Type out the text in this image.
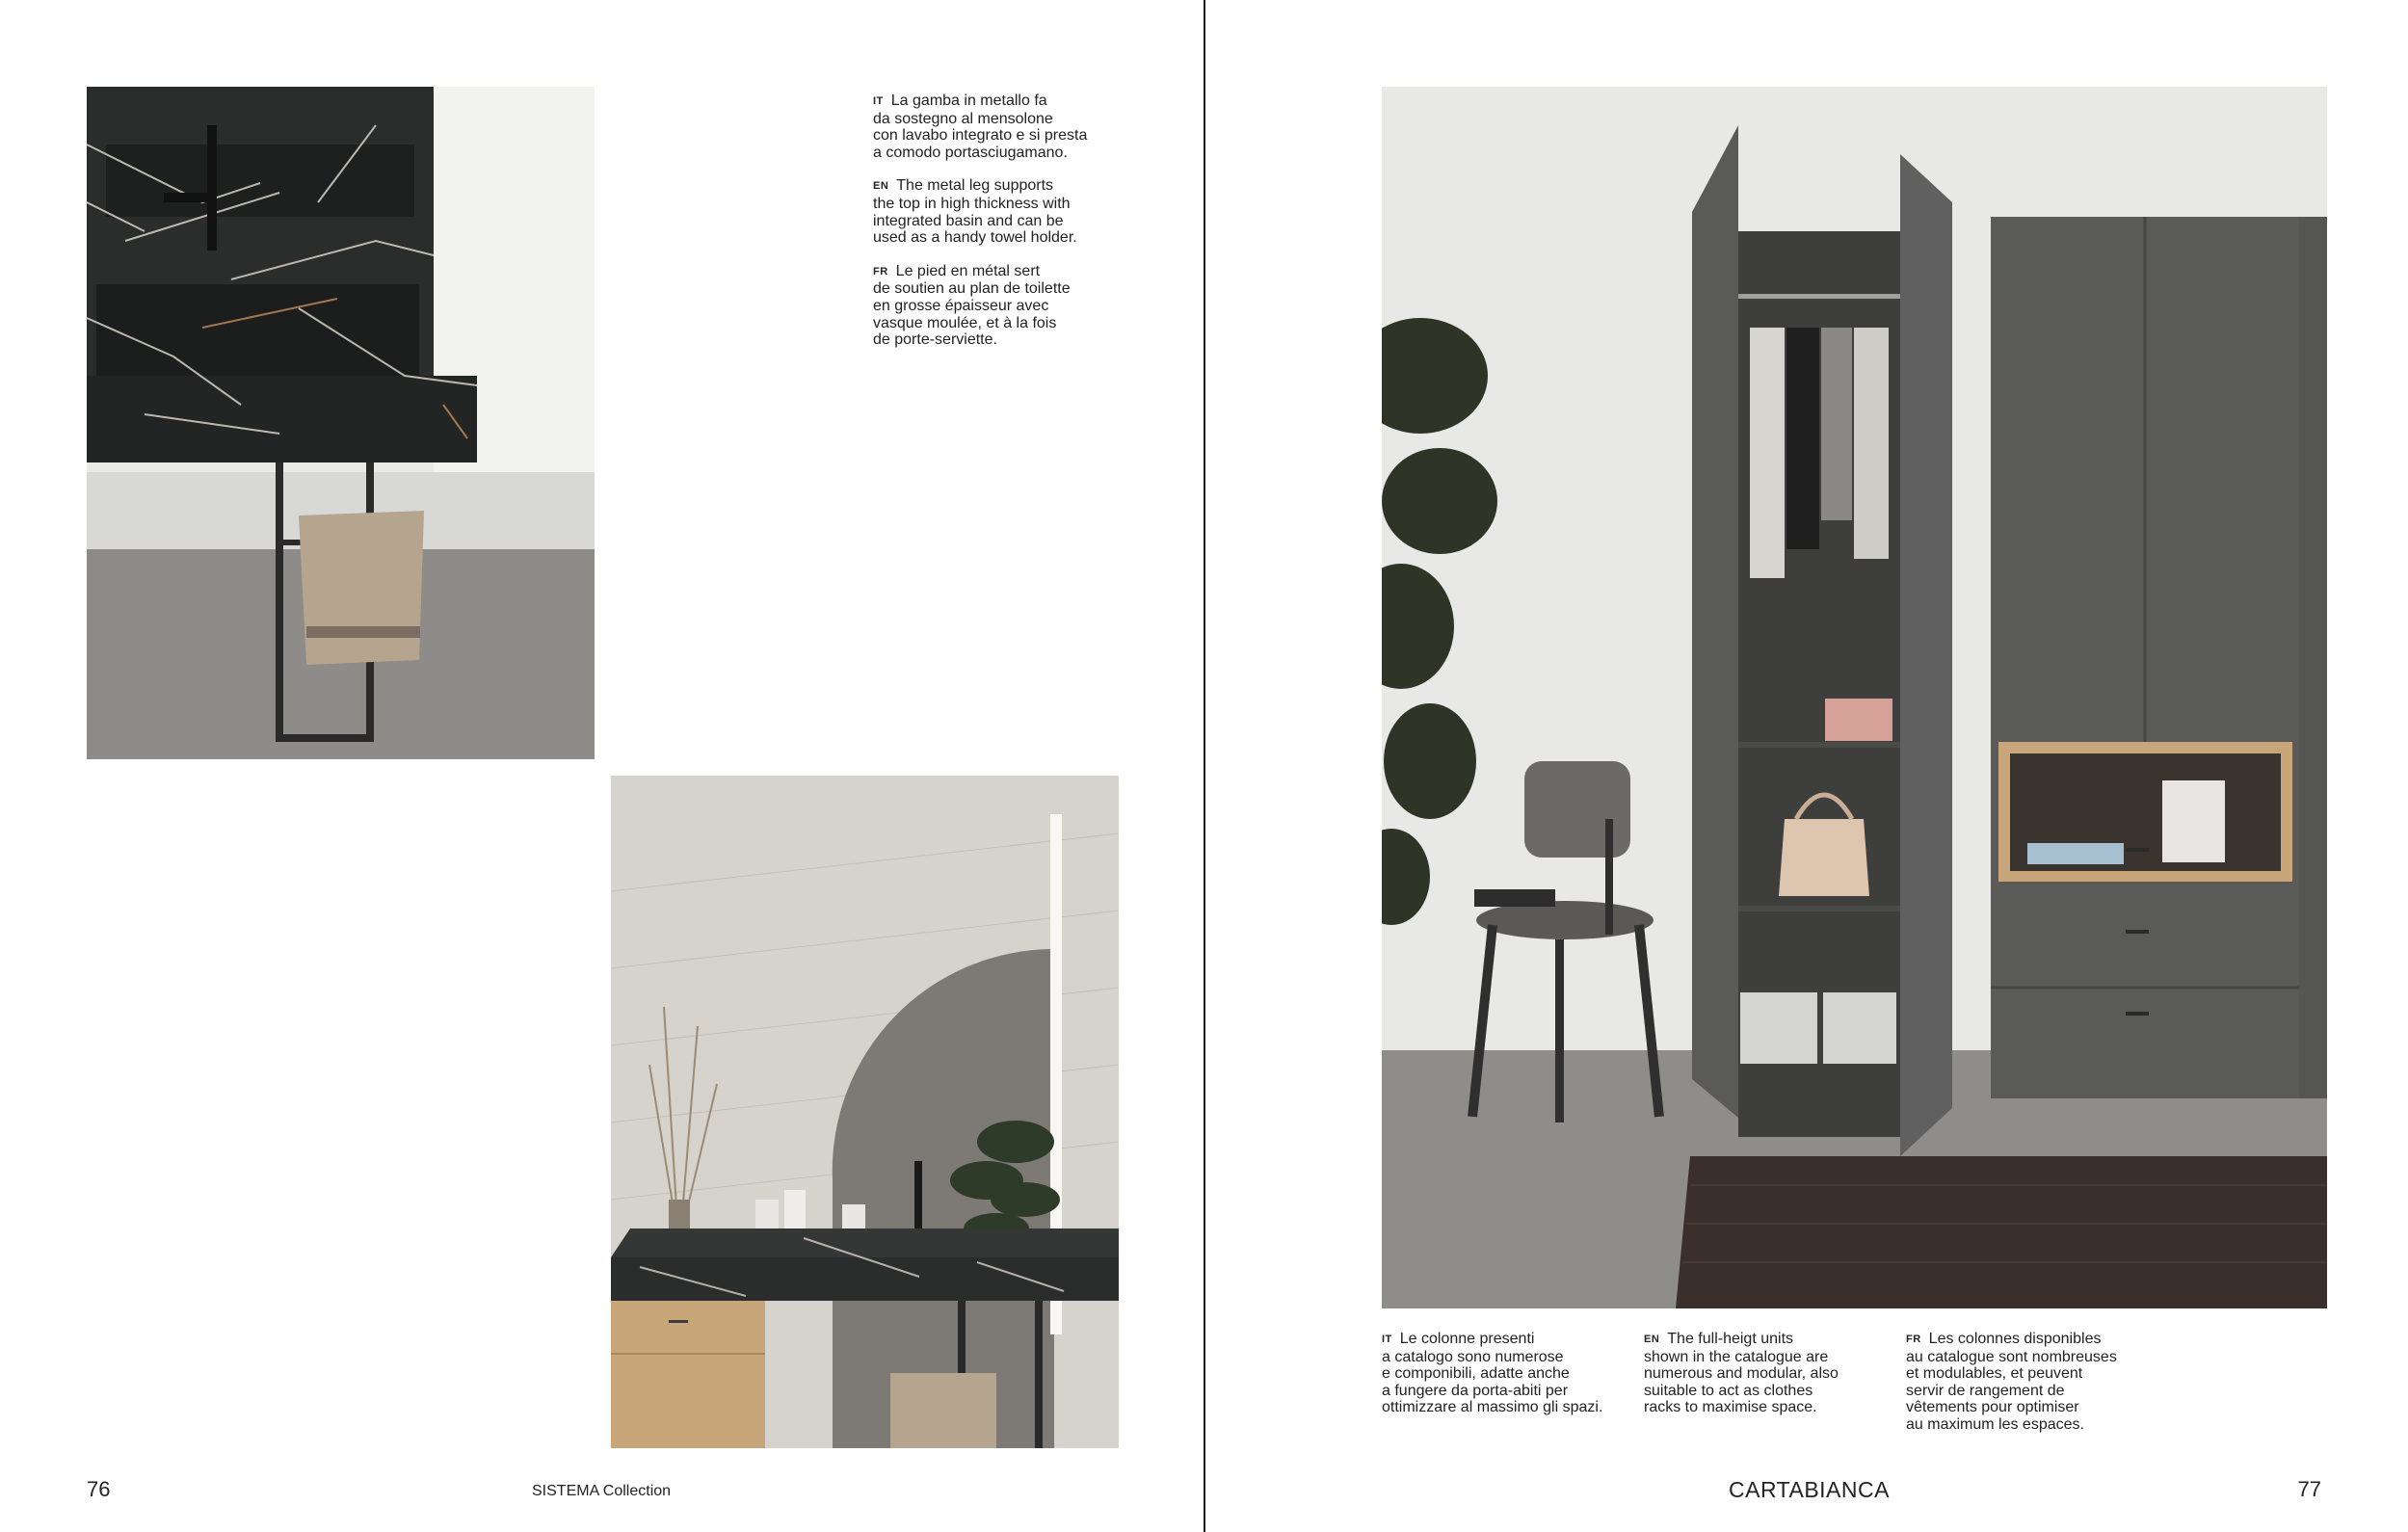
IT La gamba in metallo fa
da sostegno al mensolone
con lavabo integrato e si presta
a comodo portasciugamano.

EN The metal leg supports
the top in high thickness with
integrated basin and can be
used as a handy towel holder.

FR Le pied en métal sert
de soutien au plan de toilette
en grosse épaisseur avec
vasque moulée, et à la fois
de porte-serviette.

76	SISTEMA Collection

IT Le colonne presenti
a catalogo sono numerose
e componibili, adatte anche
a fungere da porta-abiti per
ottimizzare al massimo gli spazi.

EN The full-heigt units
shown in the catalogue are
numerous and modular, also
suitable to act as clothes
racks to maximise space.

FR Les colonnes disponibles
au catalogue sont nombreuses
et modulables, et peuvent
servir de rangement de
vêtements pour optimiser
au maximum les espaces.

CARTABIANCA	77
